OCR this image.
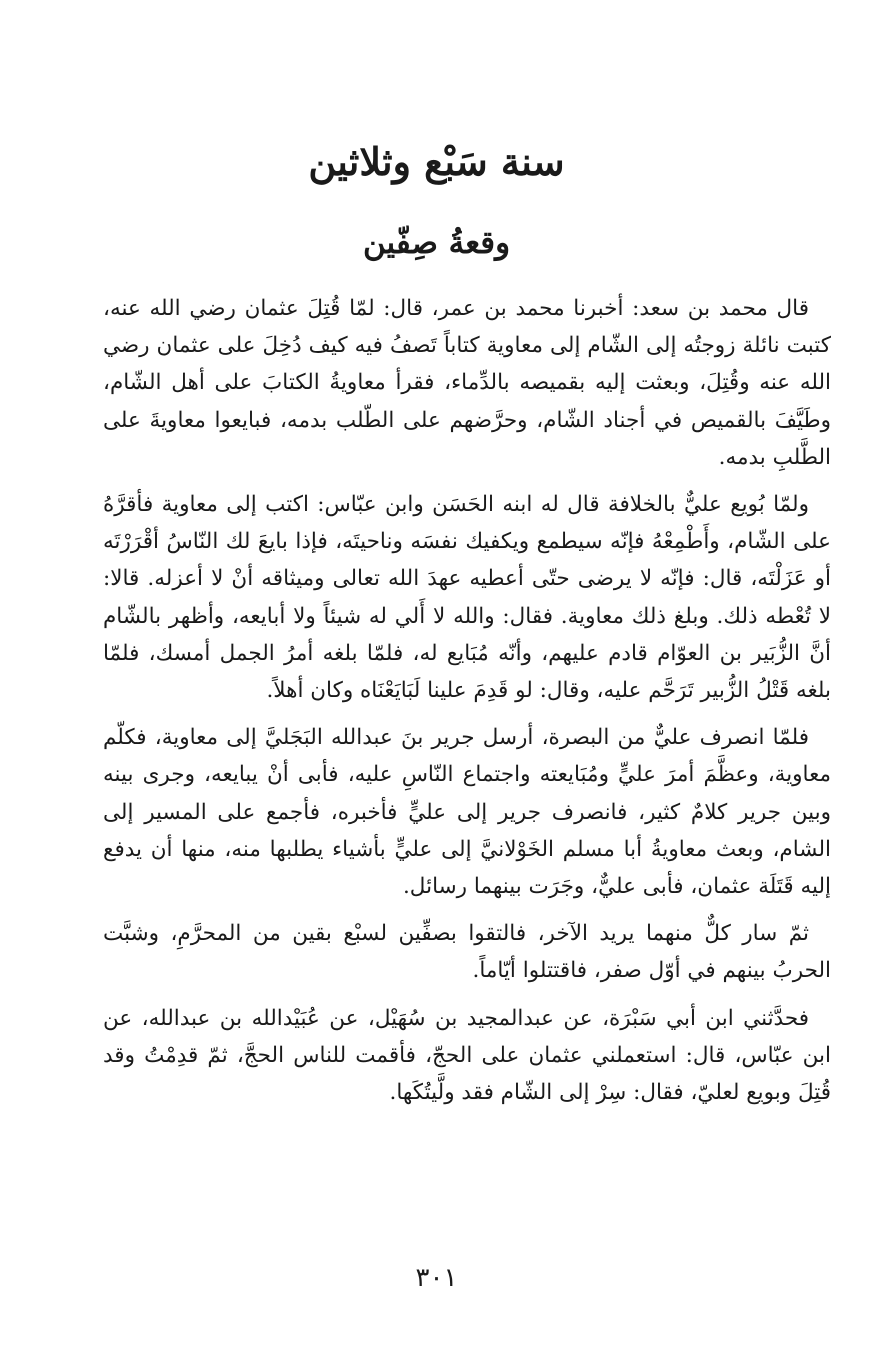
سنة سَبْع وثلاثين
وقعةُ صِفّين

قال محمد بن سعد: أخبرنا محمد بن عمر، قال: لمّا قُتِلَ عثمان رضي الله عنه، كتبت نائلة زوجتُه إلى الشّام إلى معاوية كتاباً تَصفُ فيه كيف دُخِلَ على عثمان رضي الله عنه وقُتِلَ، وبعثت إليه بقميصه بالدِّماء، فقرأ معاويةُ الكتابَ على أهل الشّام، وطَيَّفَ بالقميص في أجناد الشّام، وحرَّضهم على الطّلب بدمه، فبايعوا معاويةَ على الطَّلبِ بدمه.

ولمّا بُويع عليٌّ بالخلافة قال له ابنه الحَسَن وابن عبّاس: اكتب إلى معاوية فأقرَّهُ على الشّام، وأَطْمِعْهُ فإنّه سيطمع ويكفيك نفسَه وناحيتَه، فإذا بايعَ لك النّاسُ أقْرَرْتَه أو عَزَلْتَه، قال: فإنّه لا يرضى حتّى أعطيه عهدَ الله تعالى وميثاقه أنْ لا أعزله. قالا: لا تُعْطه ذلك. وبلغ ذلك معاوية. فقال: والله لا أَلي له شيئاً ولا أبايعه، وأظهر بالشّام أنَّ الزُّبَير بن العوّام قادم عليهم، وأنّه مُبَايع له، فلمّا بلغه أمرُ الجمل أمسك، فلمّا بلغه قَتْلُ الزُّبير تَرَحَّم عليه، وقال: لو قَدِمَ علينا لَبَايَعْنَاه وكان أهلاً.

فلمّا انصرف عليٌّ من البصرة، أرسل جرير بنَ عبدالله البَجَليَّ إلى معاوية، فكلّم معاوية، وعظَّمَ أمرَ عليٍّ ومُبَايعته واجتماع النّاسِ عليه، فأبى أنْ يبايعه، وجرى بينه وبين جرير كلامٌ كثير، فانصرف جرير إلى عليٍّ فأخبره، فأجمع على المسير إلى الشام، وبعث معاويةُ أبا مسلم الخَوْلانيَّ إلى عليٍّ بأشياء يطلبها منه، منها أن يدفع إليه قَتَلَة عثمان، فأبى عليٌّ، وجَرَت بينهما رسائل.

ثمّ سار كلٌّ منهما يريد الآخر، فالتقوا بصفِّين لسبْع بقين من المحرَّمِ، وشبَّت الحربُ بينهم في أوّل صفر، فاقتتلوا أيّاماً.

فحدَّثني ابن أبي سَبْرَة، عن عبدالمجيد بن سُهَيْل، عن عُبَيْدالله بن عبدالله، عن ابن عبّاس، قال: استعملني عثمان على الحجّ، فأقمت للناس الحجَّ، ثمّ قدِمْتُ وقد قُتِلَ وبويع لعليّ، فقال: سِرْ إلى الشّام فقد ولَّيتُكَها.

٣٠١
